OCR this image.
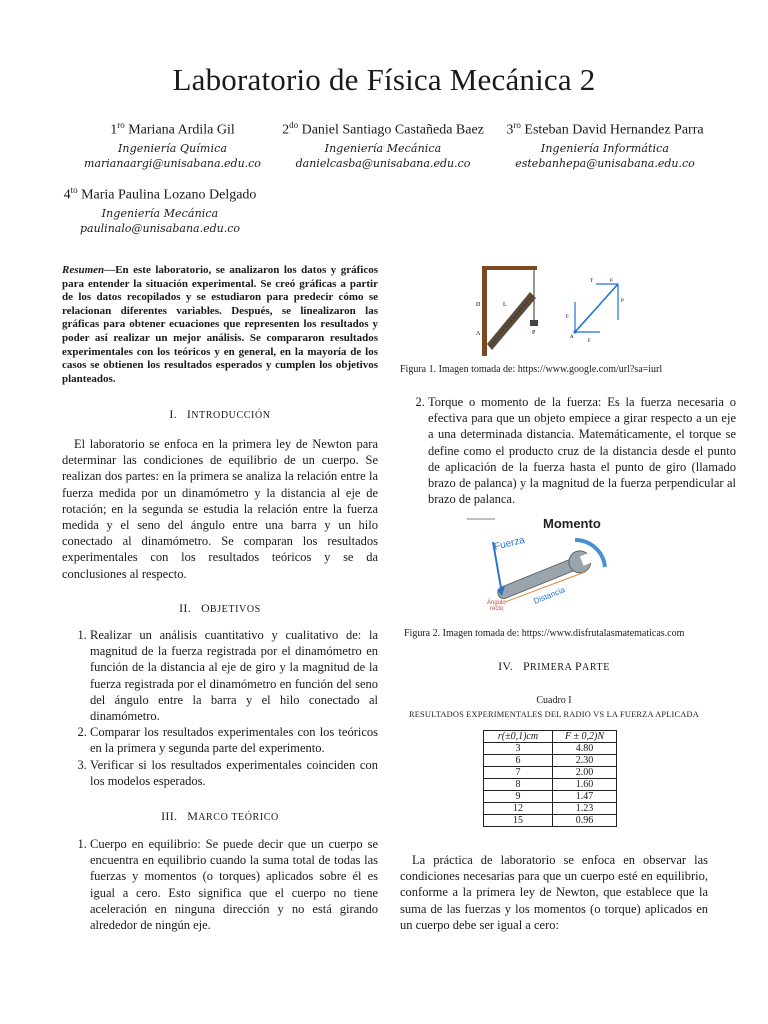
Laboratorio de Física Mecánica 2
$1^{ro}$ Mariana Ardila Gil
Ingeniería Química
marianaargi@unisabana.edu.co
$2^{do}$ Daniel Santiago Castañeda Baez
Ingeniería Mecánica
danielcasba@unisabana.edu.co
$3^{ro}$ Esteban David Hernandez Parra
Ingeniería Informática
estebanhepa@unisabana.edu.co
$4^{to}$ Maria Paulina Lozano Delgado
Ingeniería Mecánica
paulinalo@unisabana.edu.co
Resumen—En este laboratorio, se analizaron los datos y gráficos para entender la situación experimental. Se creó gráficas a partir de los datos recopilados y se estudiaron para predecir cómo se relacionan diferentes variables. Después, se linealizaron las gráficas para obtener ecuaciones que representen los resultados y poder así realizar un mejor análisis. Se compararon resultados experimentales con los teóricos y en general, en la mayoría de los casos se obtienen los resultados esperados y cumplen los objetivos planteados.
I. INTRODUCCIÓN
El laboratorio se enfoca en la primera ley de Newton para determinar las condiciones de equilibrio de un cuerpo. Se realizan dos partes: en la primera se analiza la relación entre la fuerza medida por un dinamómetro y la distancia al eje de rotación; en la segunda se estudia la relación entre la fuerza medida y el seno del ángulo entre una barra y un hilo conectado al dinamómetro. Se comparan los resultados experimentales con los resultados teóricos y se da conclusiones al respecto.
II. OBJETIVOS
1. Realizar un análisis cuantitativo y cualitativo de: la magnitud de la fuerza registrada por el dinamómetro en función de la distancia al eje de giro y la magnitud de la fuerza registrada por el dinamómetro en función del seno del ángulo entre la barra y el hilo conectado al dinamómetro.
2. Comparar los resultados experimentales con los teóricos en la primera y segunda parte del experimento.
3. Verificar si los resultados experimentales coinciden con los modelos esperados.
III. MARCO TEÓRICO
1. Cuerpo en equilibrio: Se puede decir que un cuerpo se encuentra en equilibrio cuando la suma total de todas las fuerzas y momentos (o torques) aplicados sobre él es igual a cero. Esto significa que el cuerpo no tiene aceleración en ninguna dirección y no está girando alrededor de ningún eje.
D	L
A	P
T	F
P
F
A
F
Figura 1. Imagen tomada de: https://www.google.com/url?sa=iurl
2. Torque o momento de la fuerza: Es la fuerza necesaria o efectiva para que un objeto empiece a girar respecto a un eje a una determinada distancia. Matemáticamente, el torque se define como el producto cruz de la distancia desde el punto de aplicación de la fuerza hasta el punto de giro (llamado brazo de palanca) y la magnitud de la fuerza perpendicular al brazo de palanca.
Momento
Fuerza
Distancia
Ángulo
recto
Figura 2. Imagen tomada de: https://www.disfrutalasmatematicas.com
IV. PRIMERA PARTE
Cuadro I
RESULTADOS EXPERIMENTALES DEL RADIO VS LA FUERZA APLICADA
r(±0,1)cm	F ± 0,2)N
3	4.80
6	2.30
7	2.00
8	1.60
9	1.47
12	1.23
15	0.96
La práctica de laboratorio se enfoca en observar las condiciones necesarias para que un cuerpo esté en equilibrio, conforme a la primera ley de Newton, que establece que la suma de las fuerzas y los momentos (o torque) aplicados en un cuerpo debe ser igual a cero:
